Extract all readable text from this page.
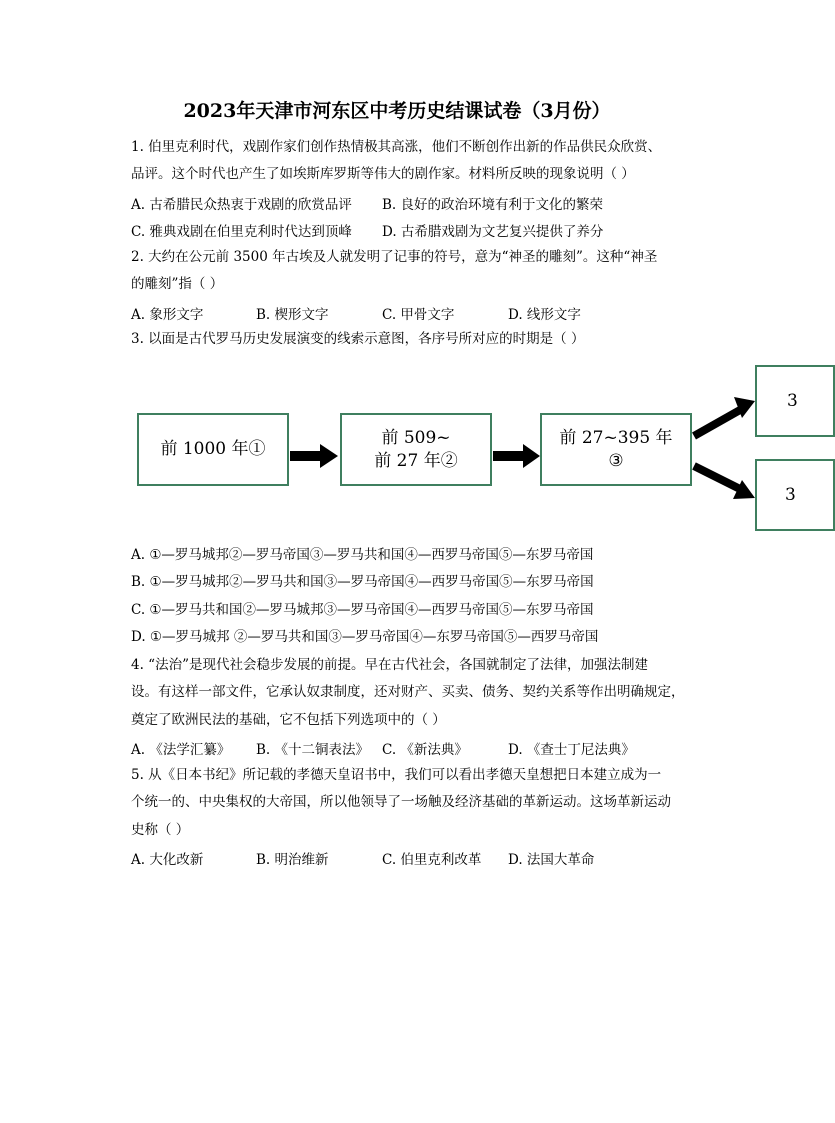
2023年天津市河东区中考历史结课试卷（3月份）
1. 伯里克利时代，戏剧作家们创作热情极其高涨，他们不断创作出新的作品供民众欣赏、
品评。这个时代也产生了如埃斯库罗斯等伟大的剧作家。材料所反映的现象说明（ ）
A. 古希腊民众热衷于戏剧的欣赏品评 B. 良好的政治环境有利于文化的繁荣
C. 雅典戏剧在伯里克利时代达到顶峰 D. 古希腊戏剧为文艺复兴提供了养分
2. 大约在公元前 3500 年古埃及人就发明了记事的符号，意为“神圣的雕刻”。这种“神圣
的雕刻”指（ ）
A. 象形文字	B. 楔形文字	C. 甲骨文字	D. 线形文字
3. 以面是古代罗马历史发展演变的线索示意图，各序号所对应的时期是（ ）
前 1000 年①
前 509~
前 27 年②
前 27~395 年
③
3
3
A. ①—罗马城邦②—罗马帝国③—罗马共和国④—西罗马帝国⑤—东罗马帝国
B. ①—罗马城邦②—罗马共和国③—罗马帝国④—西罗马帝国⑤—东罗马帝国
C. ①—罗马共和国②—罗马城邦③—罗马帝国④—西罗马帝国⑤—东罗马帝国
D. ①—罗马城邦 ②—罗马共和国③—罗马帝国④—东罗马帝国⑤—西罗马帝国
4. “法治”是现代社会稳步发展的前提。早在古代社会，各国就制定了法律，加强法制建
设。有这样一部文件，它承认奴隶制度，还对财产、买卖、债务、契约关系等作出明确规定，
奠定了欧洲民法的基础，它不包括下列选项中的（ ）
A. 《法学汇纂》 B. 《十二铜表法》 C. 《新法典》	D. 《查士丁尼法典》
5. 从《日本书纪》所记载的孝德天皇诏书中，我们可以看出孝德天皇想把日本建立成为一
个统一的、中央集权的大帝国，所以他领导了一场触及经济基础的革新运动。这场革新运动
史称（ ）
A. 大化改新	B. 明治维新	C. 伯里克利改革 D. 法国大革命
